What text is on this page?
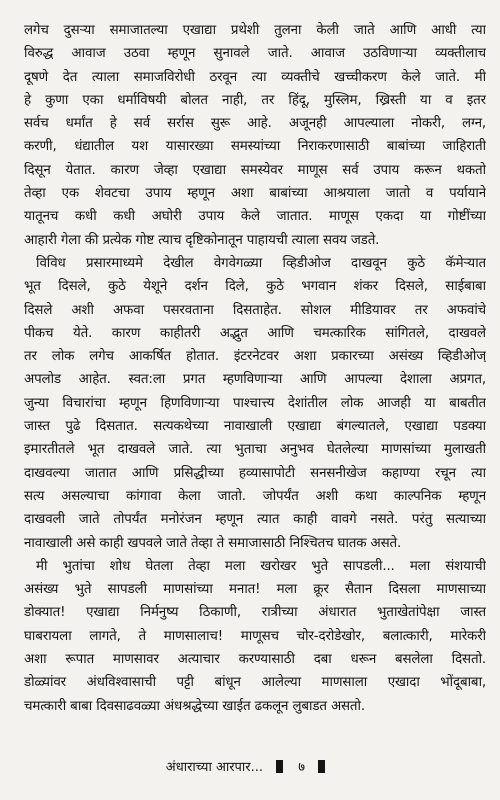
लगेच दुसऱ्या समाजातल्या एखाद्या प्रथेशी तुलना केली जाते आणि आधी त्या
विरुद्ध आवाज उठवा म्हणून सुनावले जाते. आवाज उठविणाऱ्या व्यक्तीलाच
दूषणे देत त्याला समाजविरोधी ठरवून त्या व्यक्तीचे खच्चीकरण केले जाते. मी
हे कुणा एका धर्माविषयी बोलत नाही, तर हिंदू, मुस्लिम, ख्रिस्ती या व इतर
सर्वच धर्मांत हे सर्व सर्रास सुरू आहे. अजूनही आपल्याला नोकरी, लग्न,
करणी, धंद्यातील यश यासारख्या समस्यांच्या निराकरणासाठी बाबांच्या जाहिराती
दिसून येतात. कारण जेव्हा एखाद्या समस्येवर माणूस सर्व उपाय करून थकतो
तेव्हा एक शेवटचा उपाय म्हणून अशा बाबांच्या आश्रयाला जातो व पर्यायाने
यातूनच कधी कधी अघोरी उपाय केले जातात. माणूस एकदा या गोष्टींच्या
आहारी गेला की प्रत्येक गोष्ट त्याच दृष्टिकोनातून पाहायची त्याला सवय जडते.
विविध प्रसारमाध्यमे देखील वेगवेगळ्या व्हिडीओज दाखवून कुठे कॅमेऱ्यात
भूत दिसले, कुठे येशूने दर्शन दिले, कुठे भगवान शंकर दिसले, साईबाबा
दिसले अशी अफवा पसरवताना दिसताहेत. सोशल मीडियावर तर अफवांचे
पीकच येते. कारण काहीतरी अद्भुत आणि चमत्कारिक सांगितले, दाखवले
तर लोक लगेच आकर्षित होतात. इंटरनेटवर अशा प्रकारच्या असंख्य व्हिडीओज्
अपलोड आहेत. स्वत:ला प्रगत म्हणविणाऱ्या आणि आपल्या देशाला अप्रगत,
जुन्या विचारांचा म्हणून हिणविणाऱ्या पाश्चात्त्य देशांतील लोक आजही या बाबतीत
जास्त पुढे दिसतात. सत्यकथेच्या नावाखाली एखाद्या बंगल्यातले, एखाद्या पडक्या
इमारतीतले भूत दाखवले जाते. त्या भुताचा अनुभव घेतलेल्या माणसांच्या मुलाखती
दाखवल्या जातात आणि प्रसिद्धीच्या हव्यासापोटी सनसनीखेज कहाण्या रचून त्या
सत्य असल्याचा कांगावा केला जातो. जोपर्यंत अशी कथा काल्पनिक म्हणून
दाखवली जाते तोपर्यंत मनोरंजन म्हणून त्यात काही वावगे नसते. परंतु सत्याच्या
नावाखाली असे काही खपवले जाते तेव्हा ते समाजासाठी निश्चितच घातक असते.
मी भुतांचा शोध घेतला तेव्हा मला खरोखर भुते सापडली... मला संशयाची
असंख्य भुते सापडली माणसांच्या मनात! मला क्रूर सैतान दिसला माणसाच्या
डोक्यात! एखाद्या निर्मनुष्य ठिकाणी, रात्रीच्या अंधारात भुताखेतांपेक्षा जास्त
घाबरायला लागते, ते माणसालाच! माणूसच चोर-दरोडेखोर, बलात्कारी, मारेकरी
अशा रूपात माणसावर अत्याचार करण्यासाठी दबा धरून बसलेला दिसतो.
डोळ्यांवर अंधविश्वासाची पट्टी बांधून आलेल्या माणसाला एखादा भोंदूबाबा,
चमत्कारी बाबा दिवसाढवळ्या अंधश्रद्धेच्या खाईत ढकलून लुबाडत असतो.
अंधाराच्या आरपार...	७
